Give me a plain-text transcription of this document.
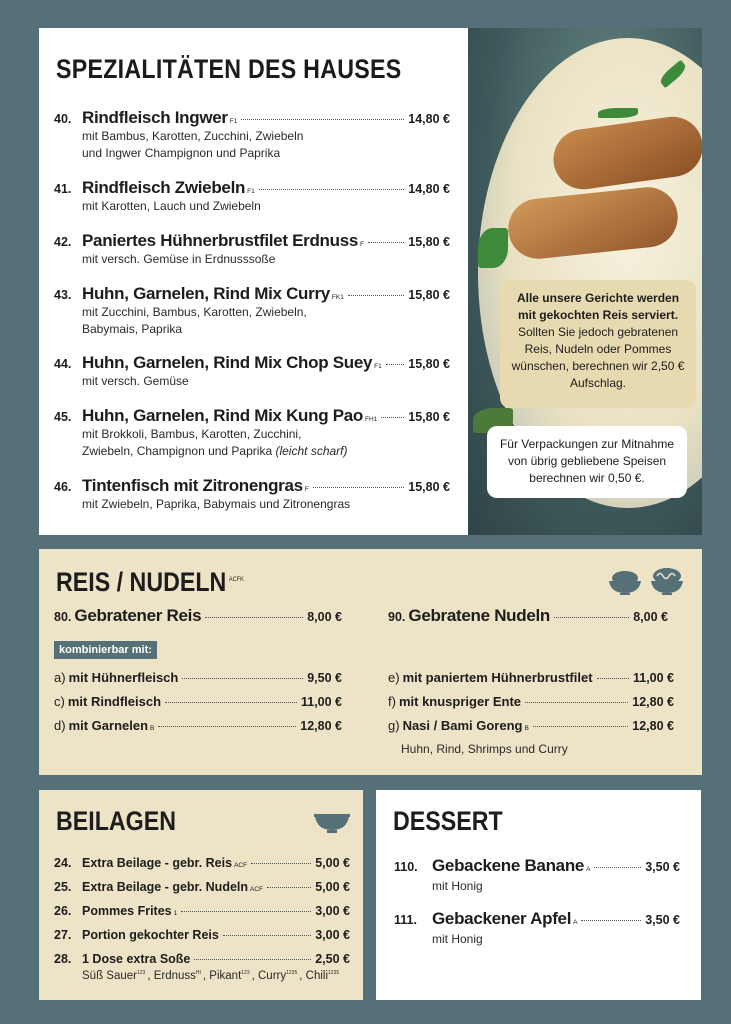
SPEZIALITÄTEN DES HAUSES
40. Rindfleisch Ingwer F1	14,80 €
mit Bambus, Karotten, Zucchini, Zwiebeln
und Ingwer Champignon und Paprika
41. Rindfleisch Zwiebeln F1	14,80 €
mit Karotten, Lauch und Zwiebeln
42. Paniertes Hühnerbrustfilet Erdnuss F	15,80 €
mit versch. Gemüse in Erdnusssoße
43. Huhn, Garnelen, Rind Mix Curry FK1	15,80 €
mit Zucchini, Bambus, Karotten, Zwiebeln,
Babymais, Paprika
44. Huhn, Garnelen, Rind Mix Chop Suey F1 15,80 €
mit versch. Gemüse
45. Huhn, Garnelen, Rind Mix Kung Pao FH1 15,80 €
mit Brokkoli, Bambus, Karotten, Zucchini,
Zwiebeln, Champignon und Paprika (leicht scharf)
46. Tintenfisch mit Zitronengras F	15,80 €
mit Zwiebeln, Paprika, Babymais und Zitronengras
Alle unsere Gerichte werden mit gekochten Reis serviert. Sollten Sie jedoch gebratenen Reis, Nudeln oder Pommes wünschen, berechnen wir 2,50 € Aufschlag.
Für Verpackungen zur Mitnahme von übrig gebliebene Speisen berechnen wir 0,50 €.
REIS / NUDELN $^{ACFK}$
80. Gebratener Reis	8,00 €	90. Gebratene Nudeln	8,00 €
kombinierbar mit:
a) mit Hühnerfleisch	9,50 €
c) mit Rindfleisch	11,00 €
d) mit Garnelen B	12,80 €
e) mit paniertem Hühnerbrustfilet	11,00 €
f) mit knuspriger Ente	12,80 €
g) Nasi / Bami Goreng B	12,80 €
Huhn, Rind, Shrimps und Curry
BEILAGEN
24. Extra Beilage - gebr. Reis ACF	5,00 €
25. Extra Beilage - gebr. Nudeln ACF	5,00 €
26. Pommes Frites 1	3,00 €
27. Portion gekochter Reis	3,00 €
28. 1 Dose extra Soße	2,50 €
Süß Sauer$^{123}$ , Erdnuss$^{HI}$ , Pikant$^{123}$ , Curry$^{1235}$ , Chili$^{1235}$
DESSERT
110. Gebackene Banane A	3,50 €
mit Honig
111. Gebackener Apfel A	3,50 €
mit Honig
